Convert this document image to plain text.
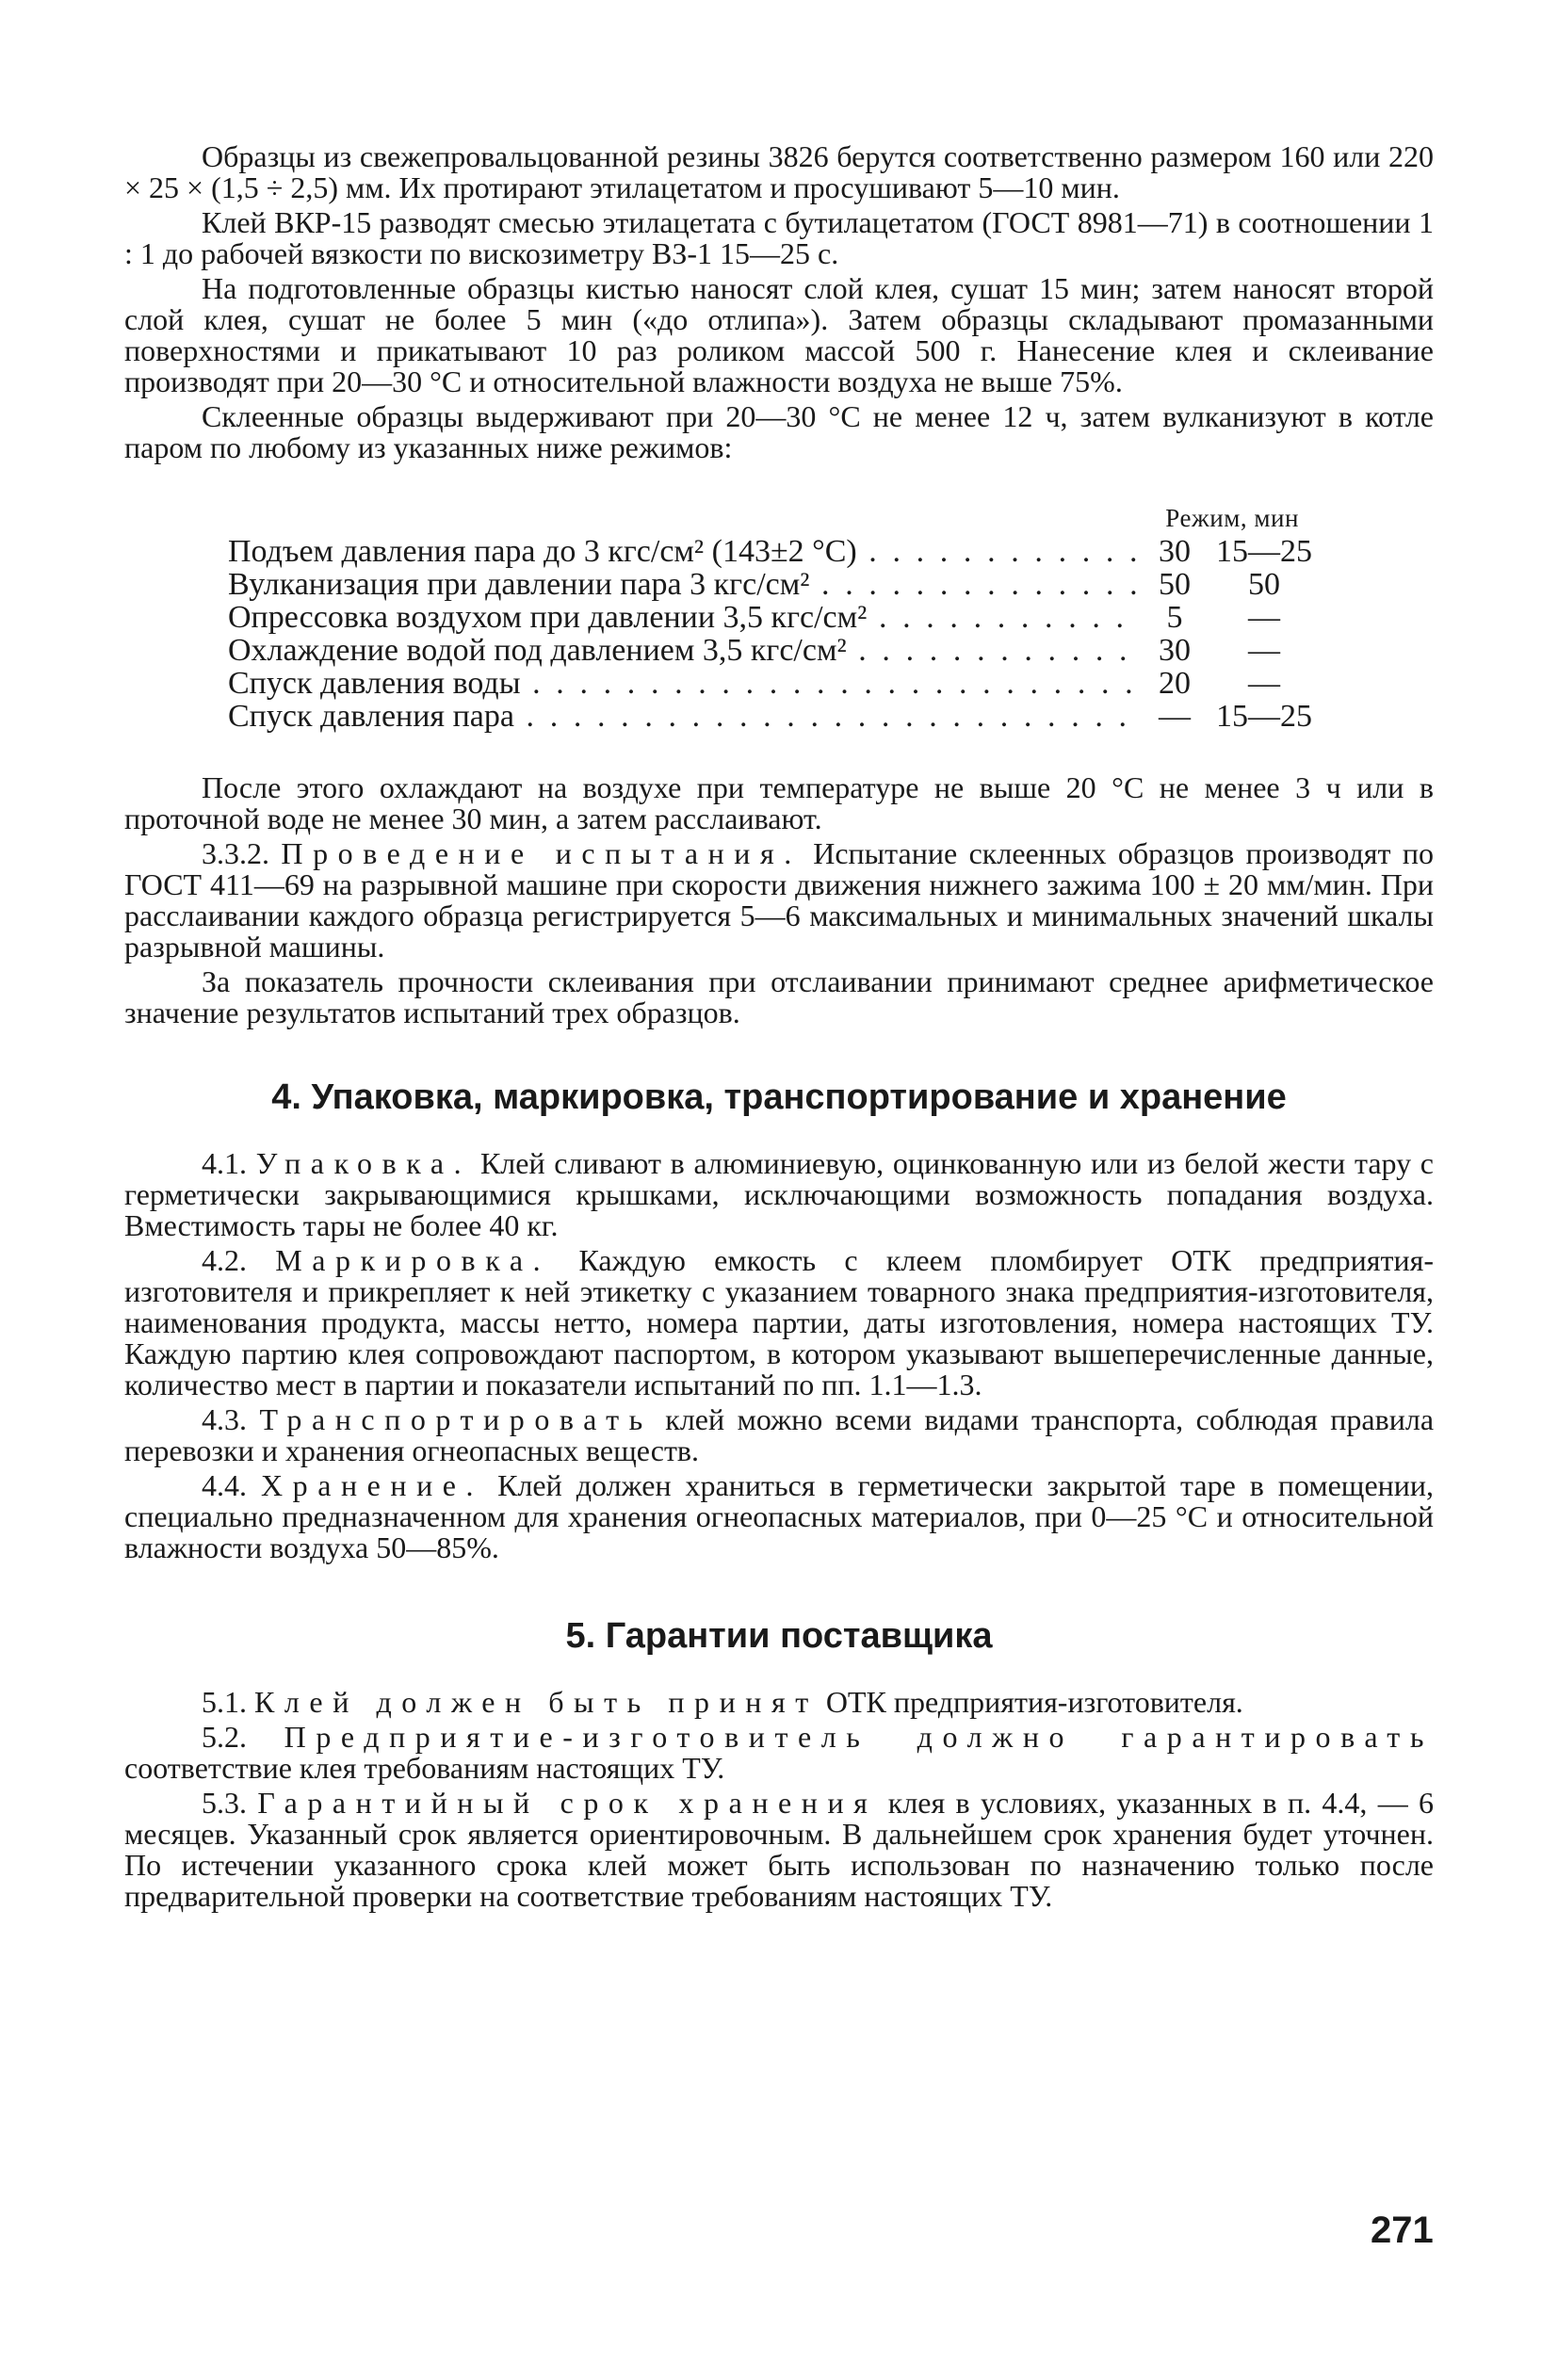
Образцы из свежепровальцованной резины 3826 берутся соответственно размером 160 или 220 × 25 × (1,5 ÷ 2,5) мм. Их протирают этилацетатом и просушивают 5—10 мин.

Клей ВКР-15 разводят смесью этилацетата с бутилацетатом (ГОСТ 8981—71) в соотношении 1 : 1 до рабочей вязкости по вискозиметру ВЗ-1 15—25 с.

На подготовленные образцы кистью наносят слой клея, сушат 15 мин; затем наносят второй слой клея, сушат не более 5 мин («до отлипа»). Затем образцы складывают промазанными поверхностями и прикатывают 10 раз роликом массой 500 г. Нанесение клея и склеивание производят при 20—30 °С и относительной влажности воздуха не выше 75%.

Склеенные образцы выдерживают при 20—30 °С не менее 12 ч, затем вулканизуют в котле паром по любому из указанных ниже режимов:

Режим, мин
Подъем давления пара до 3 кгс/см² (143±2 °С) . . .	30 15—25
Вулканизация при давлении пара 3 кгс/см² . . .	50	50
Опрессовка воздухом при давлении 3,5 кгс/см² . . .	5	—
Охлаждение водой под давлением 3,5 кгс/см² . . .	30	—
Спуск давления воды . . .	20	—
Спуск давления пара . . .	— 15—25

После этого охлаждают на воздухе при температуре не выше 20 °С не менее 3 ч или в проточной воде не менее 30 мин, а затем расслаивают.

3.3.2. Проведение испытания. Испытание склеенных образцов производят по ГОСТ 411—69 на разрывной машине при скорости движения нижнего зажима 100 ± 20 мм/мин. При расслаивании каждого образца регистрируется 5—6 максимальных и минимальных значений шкалы разрывной машины.

За показатель прочности склеивания при отслаивании принимают среднее арифметическое значение результатов испытаний трех образцов.

4. Упаковка, маркировка, транспортирование и хранение

4.1. Упаковка. Клей сливают в алюминиевую, оцинкованную или из белой жести тару с герметически закрывающимися крышками, исключающими возможность попадания воздуха. Вместимость тары не более 40 кг.

4.2. Маркировка. Каждую емкость с клеем пломбирует ОТК предприятия-изготовителя и прикрепляет к ней этикетку с указанием товарного знака предприятия-изготовителя, наименования продукта, массы нетто, номера партии, даты изготовления, номера настоящих ТУ. Каждую партию клея сопровождают паспортом, в котором указывают вышеперечисленные данные, количество мест в партии и показатели испытаний по пп. 1.1—1.3.

4.3. Транспортировать клей можно всеми видами транспорта, соблюдая правила перевозки и хранения огнеопасных веществ.

4.4. Хранение. Клей должен храниться в герметически закрытой таре в помещении, специально предназначенном для хранения огнеопасных материалов, при 0—25 °С и относительной влажности воздуха 50—85%.

5. Гарантии поставщика

5.1. Клей должен быть принят ОТК предприятия-изготовителя.

5.2. Предприятие-изготовитель должно гарантировать соответствие клея требованиям настоящих ТУ.

5.3. Гарантийный срок хранения клея в условиях, указанных в п. 4.4, — 6 месяцев. Указанный срок является ориентировочным. В дальнейшем срок хранения будет уточнен. По истечении указанного срока клей может быть использован по назначению только после предварительной проверки на соответствие требованиям настоящих ТУ.

271
